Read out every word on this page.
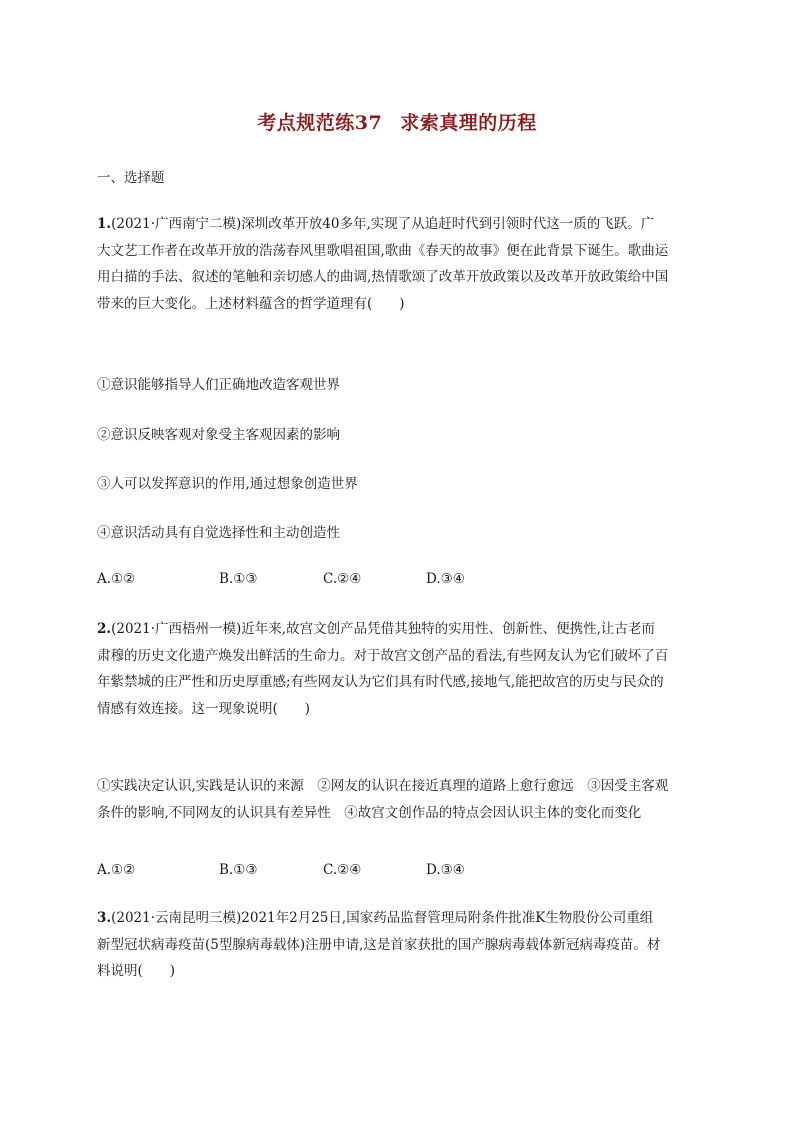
考点规范练37 求索真理的历程
一、选择题
1.(2021·广西南宁二模)深圳改革开放40多年,实现了从追赶时代到引领时代这一质的飞跃。广
大文艺工作者在改革开放的浩荡春风里歌唱祖国,歌曲《春天的故事》便在此背景下诞生。歌曲运
用白描的手法、叙述的笔触和亲切感人的曲调,热情歌颂了改革开放政策以及改革开放政策给中国
带来的巨大变化。上述材料蕴含的哲学道理有(　　)
①意识能够指导人们正确地改造客观世界
②意识反映客观对象受主客观因素的影响
③人可以发挥意识的作用,通过想象创造世界
④意识活动具有自觉选择性和主动创造性
A.①②	B.①③	C.②④	D.③④
2.(2021·广西梧州一模)近年来,故宫文创产品凭借其独特的实用性、创新性、便携性,让古老而
肃穆的历史文化遗产焕发出鲜活的生命力。对于故宫文创产品的看法,有些网友认为它们破坏了百
年紫禁城的庄严性和历史厚重感;有些网友认为它们具有时代感,接地气,能把故宫的历史与民众的
情感有效连接。这一现象说明(　　)
①实践决定认识,实践是认识的来源　②网友的认识在接近真理的道路上愈行愈远　③因受主客观
条件的影响,不同网友的认识具有差异性　④故宫文创作品的特点会因认识主体的变化而变化
A.①②	B.①③	C.②④	D.③④
3.(2021·云南昆明三模)2021年2月25日,国家药品监督管理局附条件批准K生物股份公司重组
新型冠状病毒疫苗(5型腺病毒载体)注册申请,这是首家获批的国产腺病毒载体新冠病毒疫苗。材
料说明(　　)
